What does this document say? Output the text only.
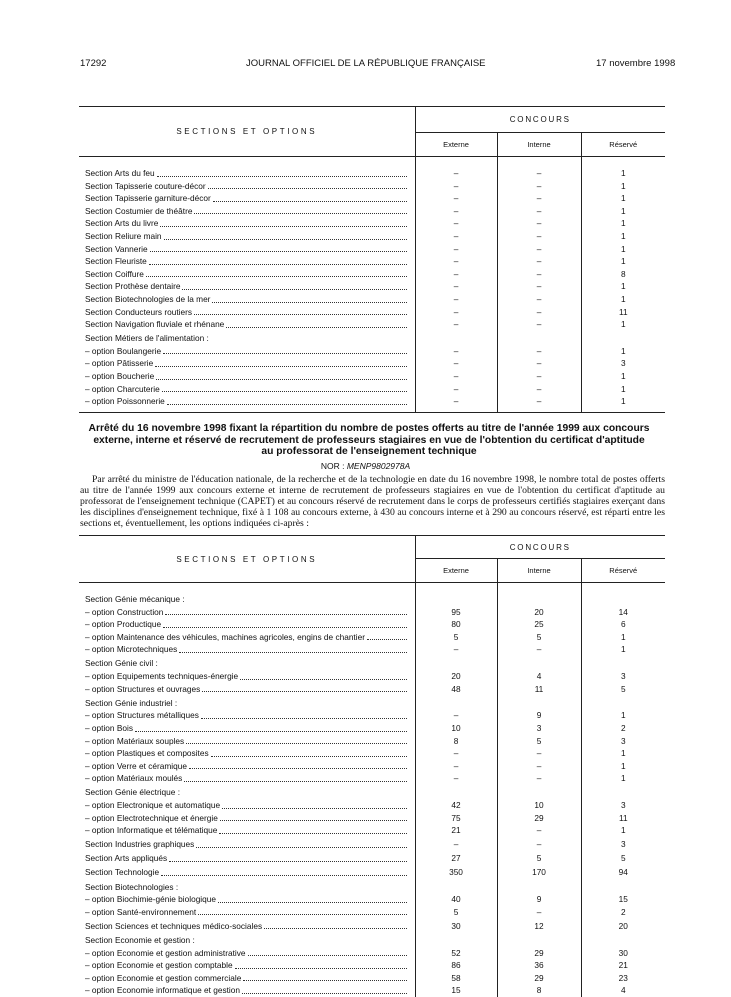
17292	JOURNAL OFFICIEL DE LA RÉPUBLIQUE FRANÇAISE	17 novembre 1998
SECTIONS ET OPTIONS	CONCOURS		
	Externe	Interne	Réservé

Section Arts du feu	–	–	1

Section Tapisserie couture-décor	–	–	1

Section Tapisserie garniture-décor	–	–	1

Section Costumier de théâtre	–	–	1

Section Arts du livre	–	–	1

Section Reliure main	–	–	1

Section Vannerie	–	–	1

Section Fleuriste	–	–	1

Section Coiffure	–	–	8

Section Prothèse dentaire	–	–	1

Section Biotechnologies de la mer	–	–	1

Section Conducteurs routiers	–	–	11

Section Navigation fluviale et rhénane	–	–	1

Section Métiers de l'alimentation :			

– option Boulangerie	–	–	1

– option Pâtisserie	–	–	3

– option Boucherie	–	–	1

– option Charcuterie	–	–	1

– option Poissonnerie	–	–	1

Arrêté du 16 novembre 1998 fixant la répartition du nombre de postes offerts au titre de l'année 1999 aux concours externe, interne et réservé de recrutement de professeurs stagiaires en vue de l'obtention du certificat d'aptitude au professorat de l'enseignement technique
NOR : MENP9802978A
Par arrêté du ministre de l'éducation nationale, de la recherche et de la technologie en date du 16 novembre 1998, le nombre total de postes offerts au titre de l'année 1999 aux concours externe et interne de recrutement de professeurs stagiaires en vue de l'obtention du certificat d'aptitude au professorat de l'enseignement technique (CAPET) et au concours réservé de recrutement dans le corps de professeurs certifiés stagiaires exerçant dans les disciplines d'enseignement technique, fixé à 1 108 au concours externe, à 430 au concours interne et à 290 au concours réservé, est réparti entre les sections et, éventuellement, les options indiquées ci-après :
SECTIONS ET OPTIONS	CONCOURS		
	Externe	Interne	Réservé

Section Génie mécanique :			

– option Construction	95	20	14

– option Productique	80	25	6

– option Maintenance des véhicules, machines agricoles, engins de chantier	5	5	1

– option Microtechniques	–	–	1

Section Génie civil :			

– option Equipements techniques-énergie	20	4	3

– option Structures et ouvrages	48	11	5

Section Génie industriel :			

– option Structures métalliques	–	9	1

– option Bois	10	3	2

– option Matériaux souples	8	5	3

– option Plastiques et composites	–	–	1

– option Verre et céramique	–	–	1

– option Matériaux moulés	–	–	1

Section Génie électrique :			

– option Electronique et automatique	42	10	3

– option Electrotechnique et énergie	75	29	11

– option Informatique et télématique	21	–	1

Section Industries graphiques	–	–	3

Section Arts appliqués	27	5	5

Section Technologie	350	170	94

Section Biotechnologies :			

– option Biochimie-génie biologique	40	9	15

– option Santé-environnement	5	–	2

Section Sciences et techniques médico-sociales	30	12	20

Section Economie et gestion :			

– option Economie et gestion administrative	52	29	30

– option Economie et gestion comptable	86	36	21

– option Economie et gestion commerciale	58	29	23

– option Economie informatique et gestion	15	8	4
